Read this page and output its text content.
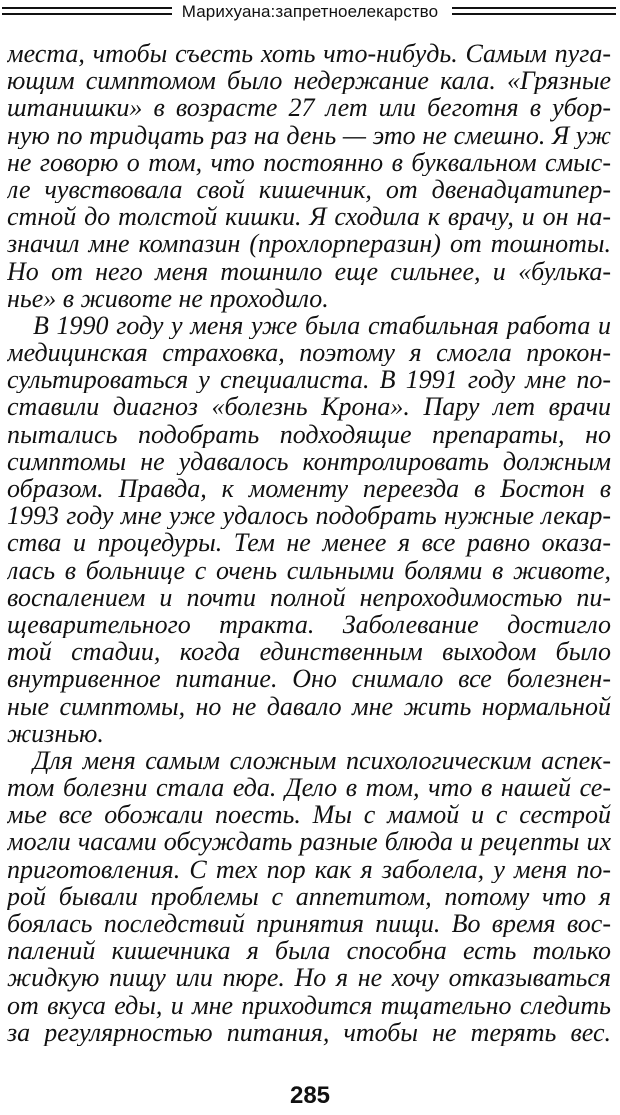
Марихуана:запретноелекарство
места, чтобы съесть хоть что-нибудь. Самым пуга-
ющим симптомом было недержание кала. «Грязные
штанишки» в возрасте 27 лет или беготня в убор-
ную по тридцать раз на день — это не смешно. Я уж
не говорю о том, что постоянно в буквальном смыс-
ле чувствовала свой кишечник, от двенадцатипер-
стной до толстой кишки. Я сходила к врачу, и он на-
значил мне компазин (прохлорперазин) от тошноты.
Но от него меня тошнило еще сильнее, и «булька-
нье» в животе не проходило.
В 1990 году у меня уже была стабильная работа и
медицинская страховка, поэтому я смогла прокон-
сультироваться у специалиста. В 1991 году мне по-
ставили диагноз «болезнь Крона». Пару лет врачи
пытались подобрать подходящие препараты, но
симптомы не удавалось контролировать должным
образом. Правда, к моменту переезда в Бостон в
1993 году мне уже удалось подобрать нужные лекар-
ства и процедуры. Тем не менее я все равно оказа-
лась в больнице с очень сильными болями в животе,
воспалением и почти полной непроходимостью пи-
щеварительного тракта. Заболевание достигло
той стадии, когда единственным выходом было
внутривенное питание. Оно снимало все болезнен-
ные симптомы, но не давало мне жить нормальной
жизнью.
Для меня самым сложным психологическим аспек-
том болезни стала еда. Дело в том, что в нашей се-
мье все обожали поесть. Мы с мамой и с сестрой
могли часами обсуждать разные блюда и рецепты их
приготовления. С тех пор как я заболела, у меня по-
рой бывали проблемы с аппетитом, потому что я
боялась последствий принятия пищи. Во время вос-
палений кишечника я была способна есть только
жидкую пищу или пюре. Но я не хочу отказываться
от вкуса еды, и мне приходится тщательно следить
за регулярностью питания, чтобы не терять вес.
285
